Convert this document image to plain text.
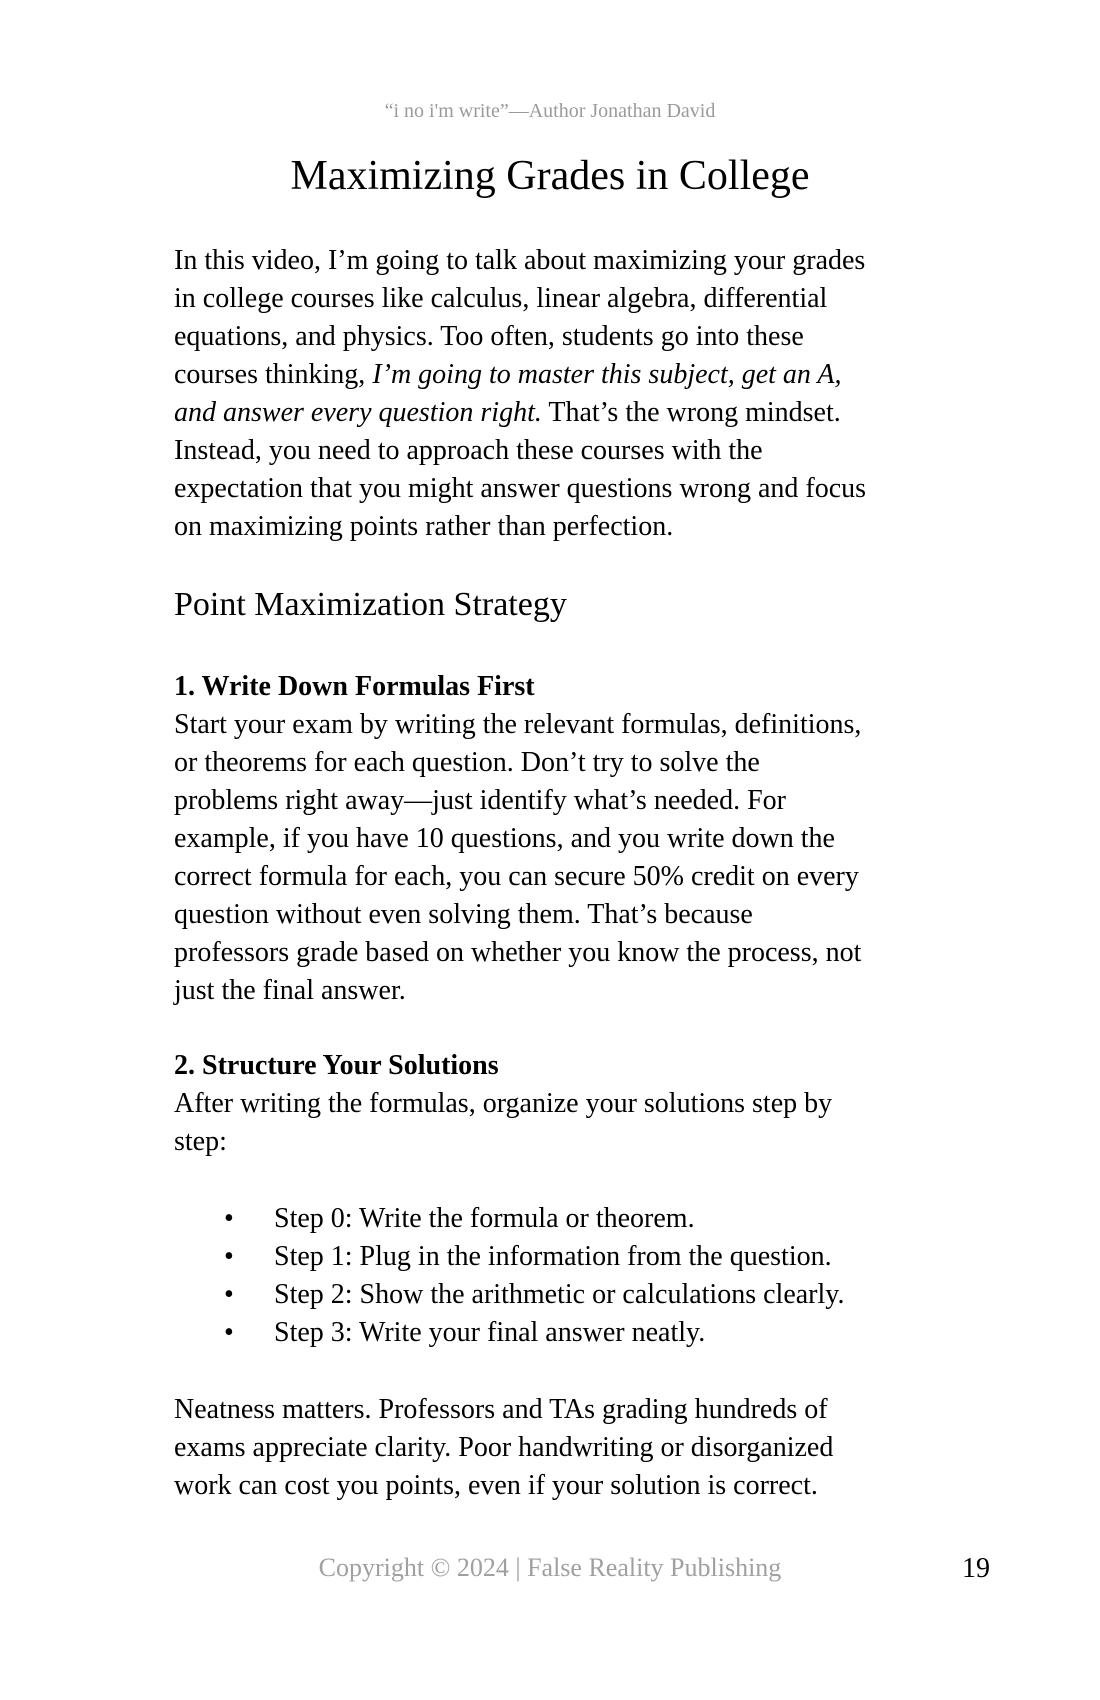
“i no i'm write”—Author Jonathan David
Maximizing Grades in College
In this video, I’m going to talk about maximizing your grades
in college courses like calculus, linear algebra, differential
equations, and physics. Too often, students go into these
courses thinking, I’m going to master this subject, get an A,
and answer every question right. That’s the wrong mindset.
Instead, you need to approach these courses with the
expectation that you might answer questions wrong and focus
on maximizing points rather than perfection.
Point Maximization Strategy
1. Write Down Formulas First
Start your exam by writing the relevant formulas, definitions,
or theorems for each question. Don’t try to solve the
problems right away—just identify what’s needed. For
example, if you have 10 questions, and you write down the
correct formula for each, you can secure 50% credit on every
question without even solving them. That’s because
professors grade based on whether you know the process, not
just the final answer.
2. Structure Your Solutions
After writing the formulas, organize your solutions step by
step:
• Step 0: Write the formula or theorem.
• Step 1: Plug in the information from the question.
• Step 2: Show the arithmetic or calculations clearly.
• Step 3: Write your final answer neatly.
Neatness matters. Professors and TAs grading hundreds of
exams appreciate clarity. Poor handwriting or disorganized
work can cost you points, even if your solution is correct.
Copyright © 2024 | False Reality Publishing	19
